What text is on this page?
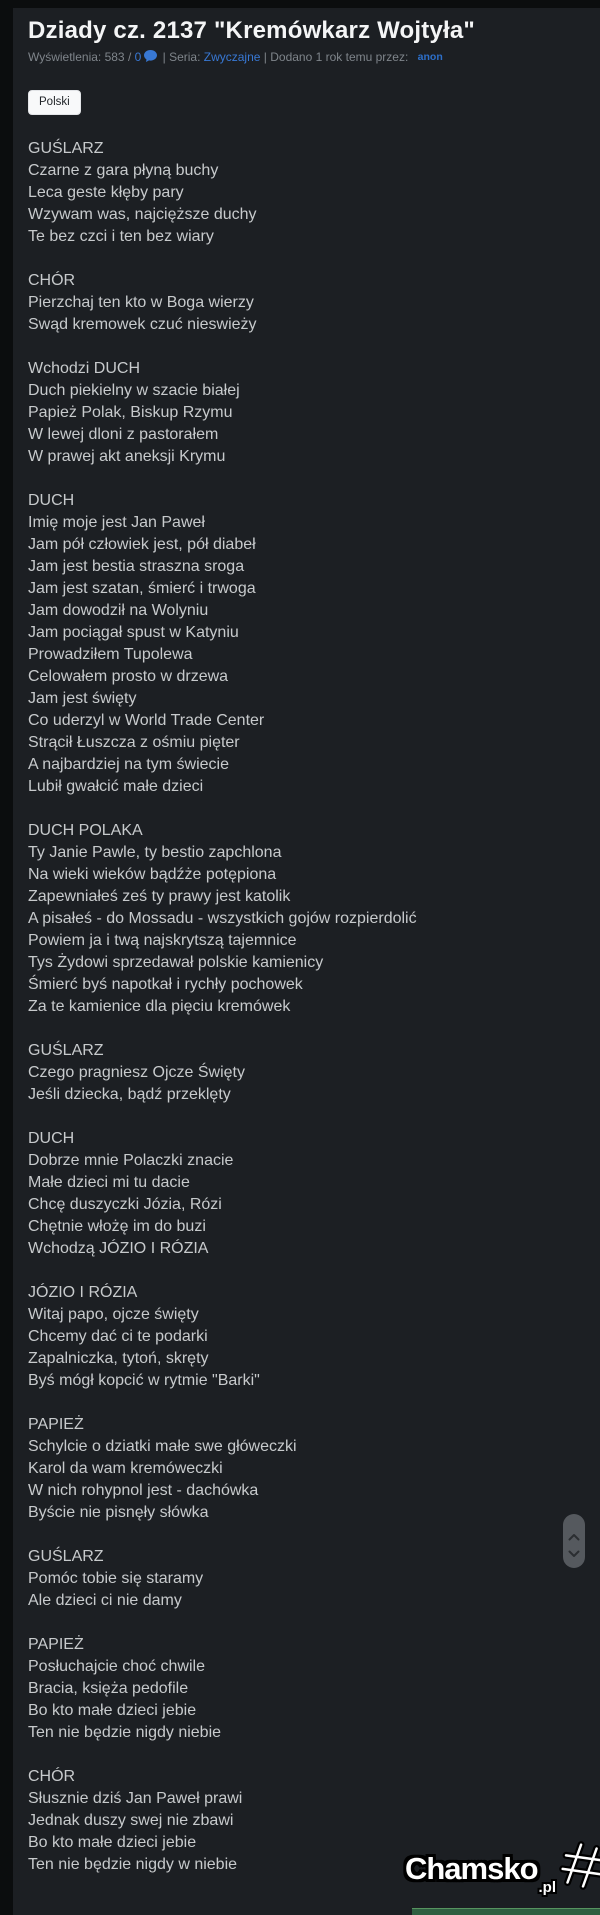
Dziady cz. 2137 "Kremówkarz Wojtyła"
Wyświetlenia: 583 / 0 | Seria: Zwyczajne | Dodano 1 rok temu przez: anon
Polski
GUŚLARZ
Czarne z gara płyną buchy
Leca geste kłęby pary
Wzywam was, najcięższe duchy
Te bez czci i ten bez wiary
CHÓR
Pierzchaj ten kto w Boga wierzy
Swąd kremowek czuć nieswieży
Wchodzi DUCH
Duch piekielny w szacie białej
Papież Polak, Biskup Rzymu
W lewej dloni z pastorałem
W prawej akt aneksji Krymu
DUCH
Imię moje jest Jan Paweł
Jam pół człowiek jest, pół diabeł
Jam jest bestia straszna sroga
Jam jest szatan, śmierć i trwoga
Jam dowodził na Wolyniu
Jam pociągał spust w Katyniu
Prowadziłem Tupolewa
Celowałem prosto w drzewa
Jam jest święty
Co uderzyl w World Trade Center
Strącił Łuszcza z ośmiu pięter
A najbardziej na tym świecie
Lubił gwałcić małe dzieci
DUCH POLAKA
Ty Janie Pawle, ty bestio zapchlona
Na wieki wieków bądźże potępiona
Zapewniałeś ześ ty prawy jest katolik
A pisałeś - do Mossadu - wszystkich gojów rozpierdolić
Powiem ja i twą najskrytszą tajemnice
Tys Żydowi sprzedawał polskie kamienicy
Śmierć byś napotkał i rychły pochowek
Za te kamienice dla pięciu kremówek
GUŚLARZ
Czego pragniesz Ojcze Święty
Jeśli dziecka, bądź przeklęty
DUCH
Dobrze mnie Polaczki znacie
Małe dzieci mi tu dacie
Chcę duszyczki Józia, Rózi
Chętnie włożę im do buzi
Wchodzą JÓZIO I RÓZIA
JÓZIO I RÓZIA
Witaj papo, ojcze święty
Chcemy dać ci te podarki
Zapalniczka, tytoń, skręty
Byś mógł kopcić w rytmie "Barki"
PAPIEŻ
Schylcie o dziatki małe swe główeczki
Karol da wam kremóweczki
W nich rohypnol jest - dachówka
Byście nie pisnęły słówka
GUŚLARZ
Pomóc tobie się staramy
Ale dzieci ci nie damy
PAPIEŻ
Posłuchajcie choć chwile
Bracia, księża pedofile
Bo kto małe dzieci jebie
Ten nie będzie nigdy niebie
CHÓR
Słusznie dziś Jan Paweł prawi
Jednak duszy swej nie zbawi
Bo kto małe dzieci jebie
Ten nie będzie nigdy w niebie	Chamsko
.pl
